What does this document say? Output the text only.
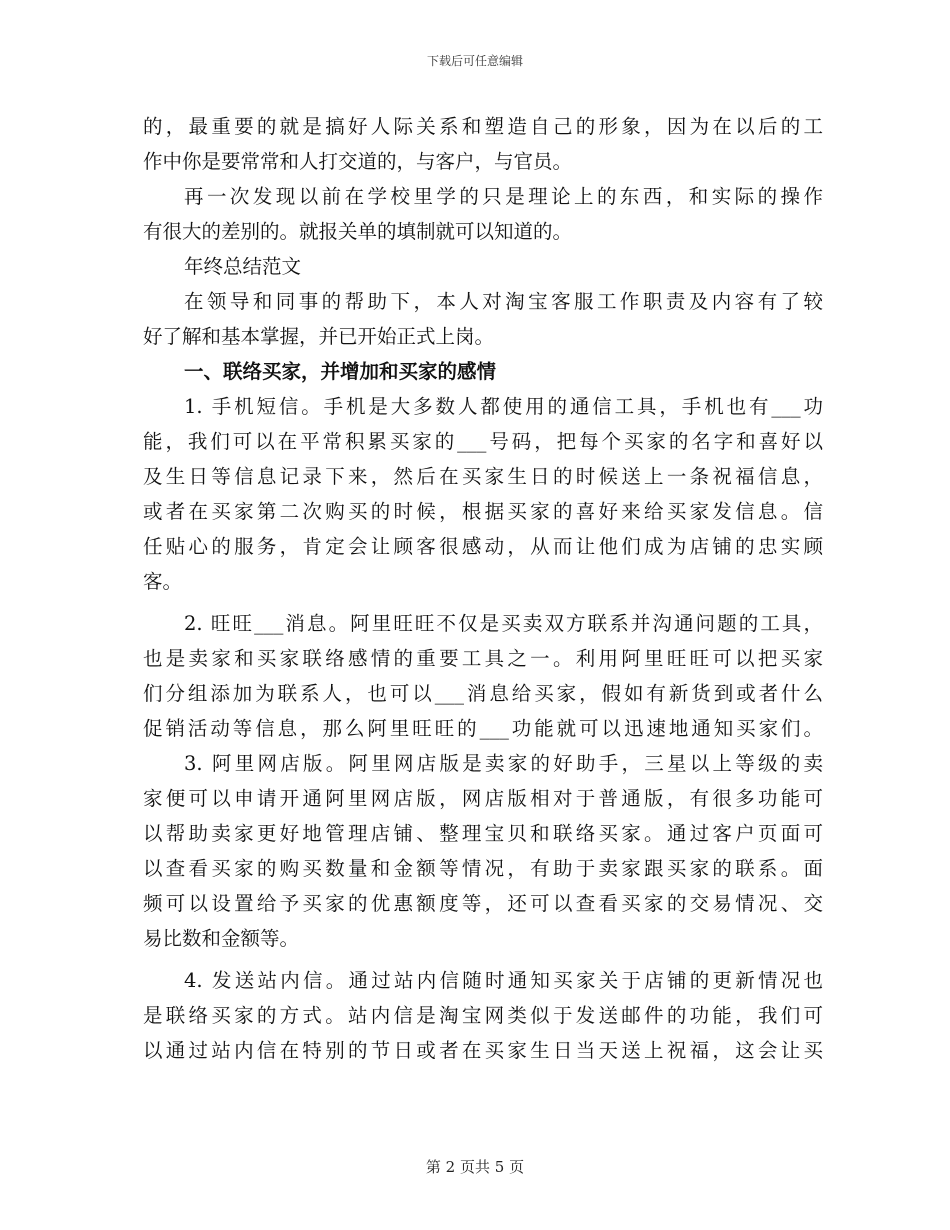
下载后可任意编辑
的，最重要的就是搞好人际关系和塑造自己的形象，因为在以后的工
作中你是要常常和人打交道的，与客户，与官员。
再一次发现以前在学校里学的只是理论上的东西，和实际的操作
有很大的差别的。就报关单的填制就可以知道的。
年终总结范文
在领导和同事的帮助下，本人对淘宝客服工作职责及内容有了较
好了解和基本掌握，并已开始正式上岗。
一、联络买家，并增加和买家的感情
1. 手机短信。手机是大多数人都使用的通信工具，手机也有___功
能，我们可以在平常积累买家的___号码，把每个买家的名字和喜好以
及生日等信息记录下来，然后在买家生日的时候送上一条祝福信息，
或者在买家第二次购买的时候，根据买家的喜好来给买家发信息。信
任贴心的服务，肯定会让顾客很感动，从而让他们成为店铺的忠实顾
客。
2. 旺旺___消息。阿里旺旺不仅是买卖双方联系并沟通问题的工具，
也是卖家和买家联络感情的重要工具之一。利用阿里旺旺可以把买家
们分组添加为联系人，也可以___消息给买家，假如有新货到或者什么
促销活动等信息，那么阿里旺旺的___功能就可以迅速地通知买家们。
3. 阿里网店版。阿里网店版是卖家的好助手，三星以上等级的卖
家便可以申请开通阿里网店版，网店版相对于普通版，有很多功能可
以帮助卖家更好地管理店铺、整理宝贝和联络买家。通过客户页面可
以查看买家的购买数量和金额等情况，有助于卖家跟买家的联系。面
频可以设置给予买家的优惠额度等，还可以查看买家的交易情况、交
易比数和金额等。
4. 发送站内信。通过站内信随时通知买家关于店铺的更新情况也
是联络买家的方式。站内信是淘宝网类似于发送邮件的功能，我们可
以通过站内信在特别的节日或者在买家生日当天送上祝福，这会让买
第 2 页共 5 页
